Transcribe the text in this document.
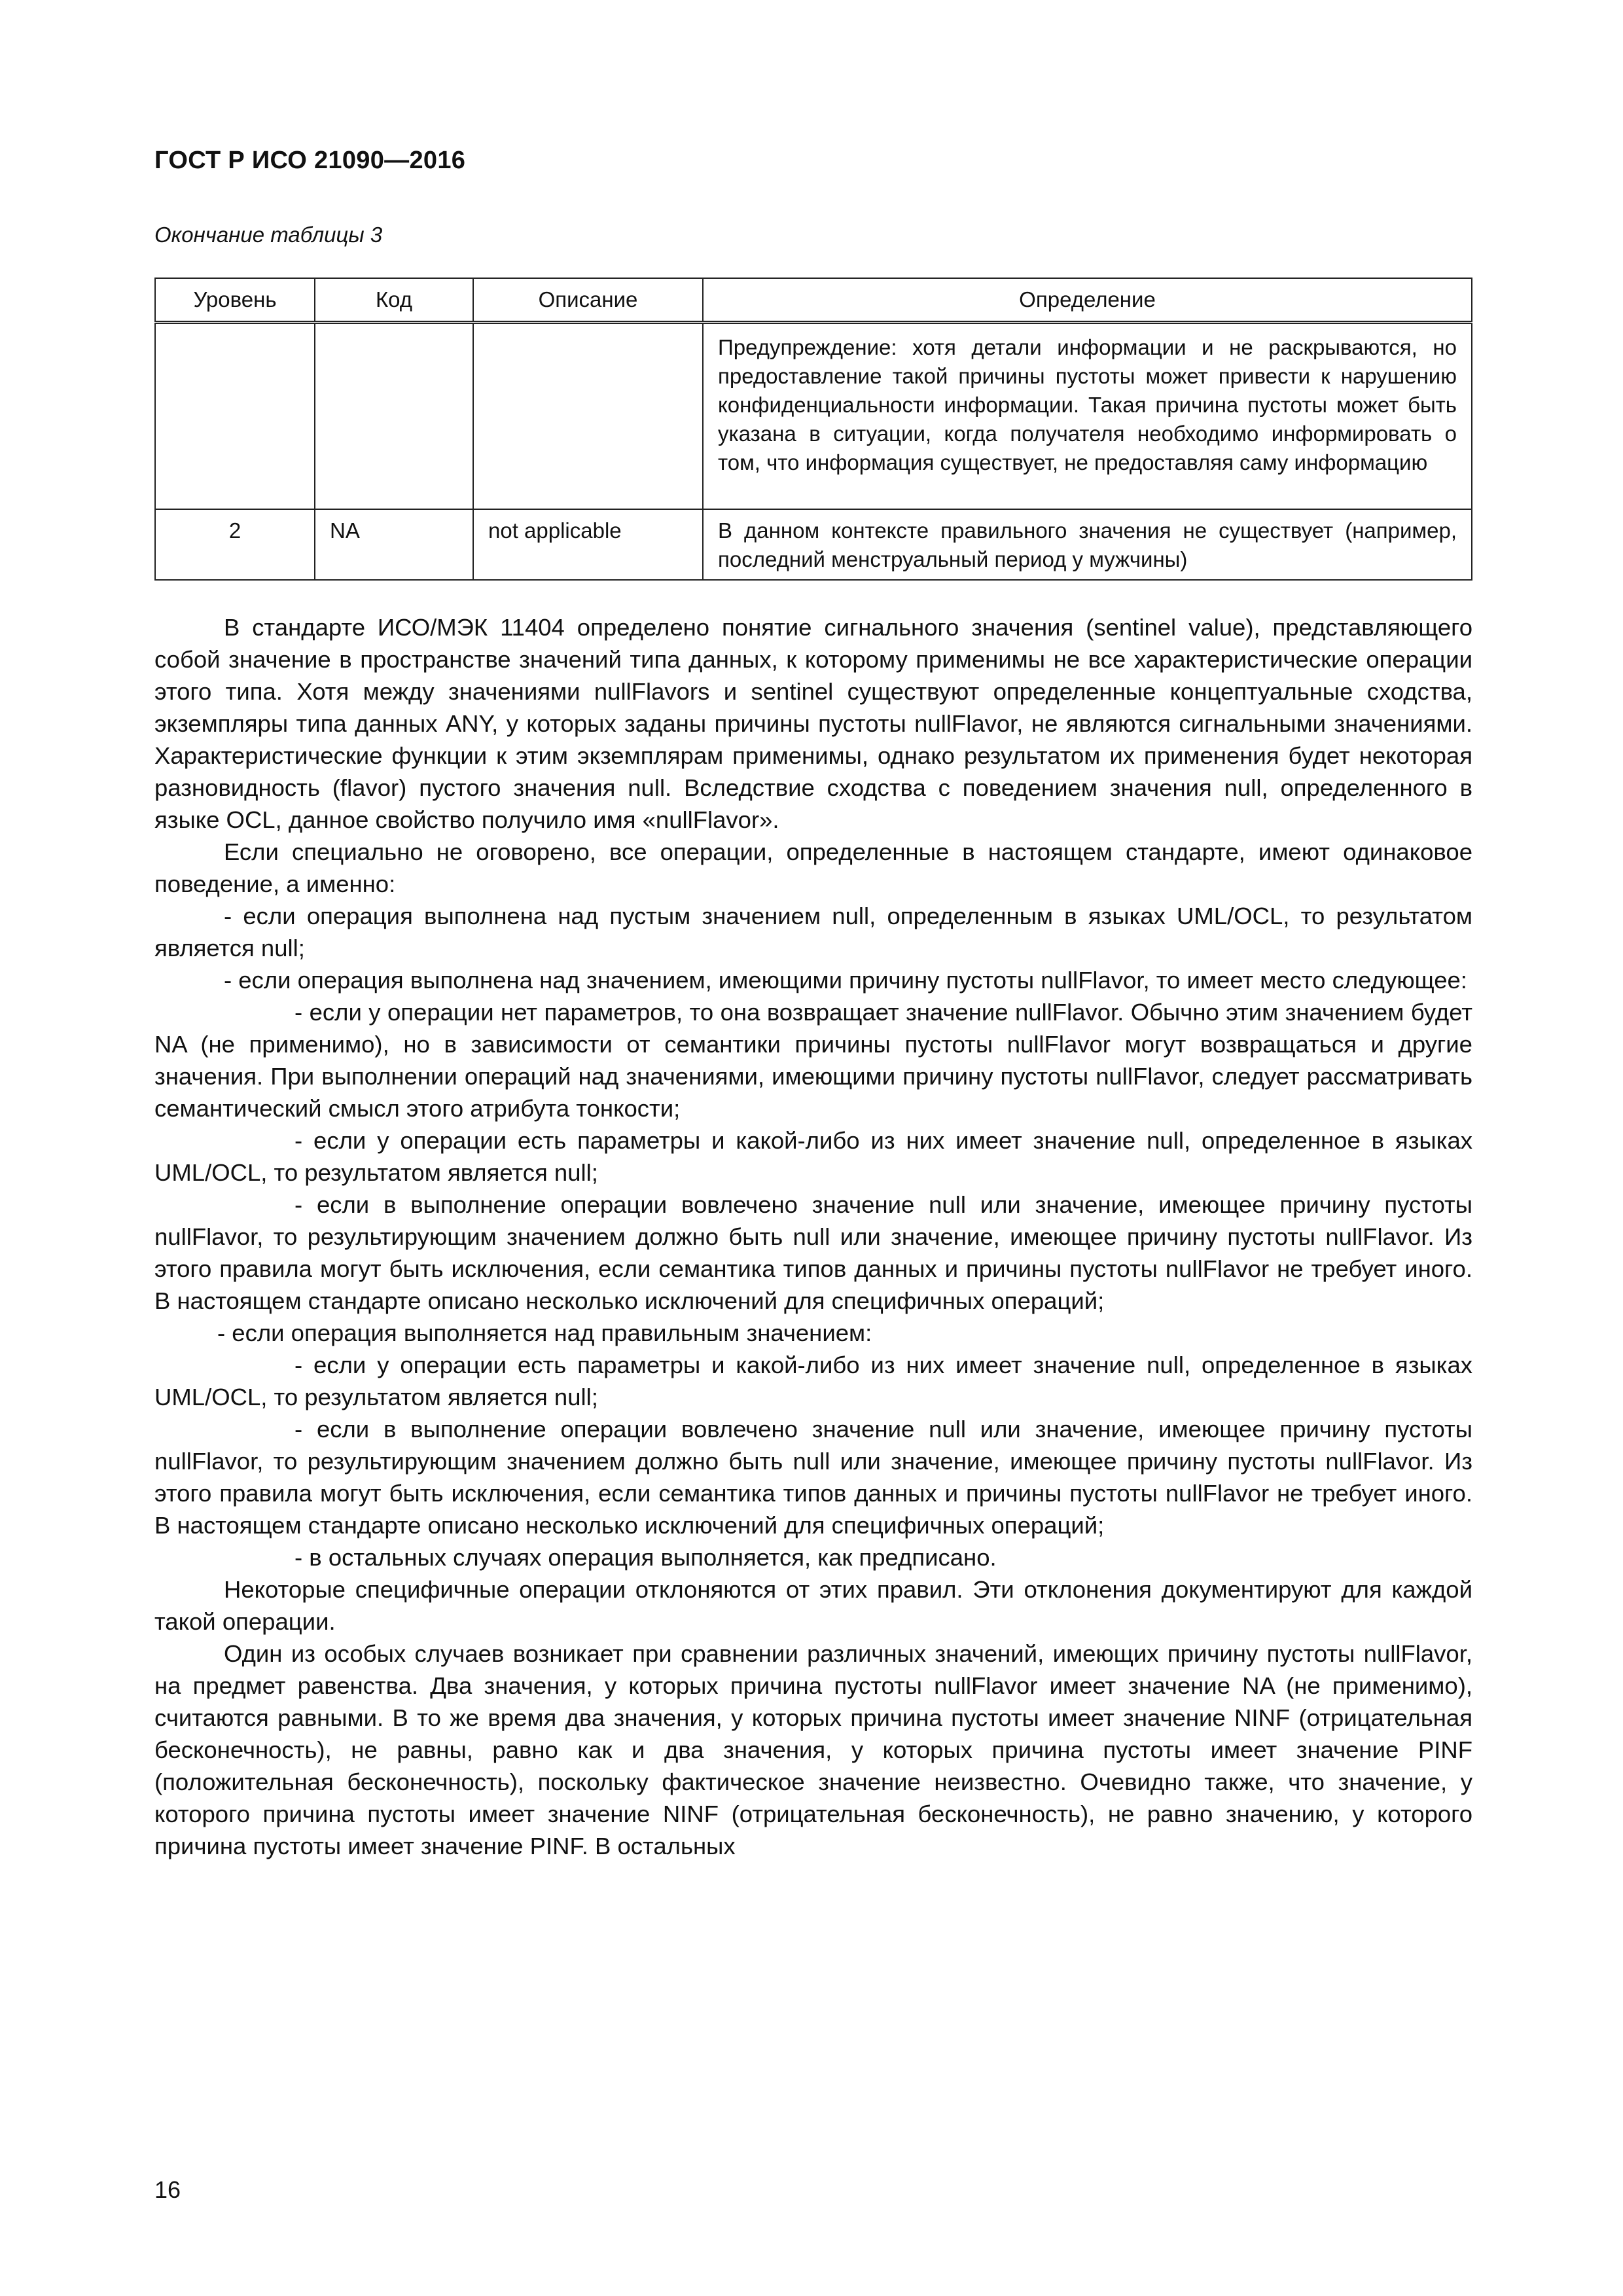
ГОСТ Р ИСО 21090—2016
Окончание таблицы 3
Уровень	Код	Описание	Определение
			Предупреждение: хотя детали информации и не раскрываются, но предоставление такой причины пустоты может привести к нарушению конфиденциальности информации. Такая причина пустоты может быть указана в ситуации, когда получателя необходимо информировать о том, что информация существует, не предоставляя саму информацию
2	NA	not applicable	В данном контексте правильного значения не существует (например, последний менструальный период у мужчины)

В стандарте ИСО/МЭК 11404 определено понятие сигнального значения (sentinel value), представляющего собой значение в пространстве значений типа данных, к которому применимы не все характеристические операции этого типа. Хотя между значениями nullFlavors и sentinel существуют определенные концептуальные сходства, экземпляры типа данных ANY, у которых заданы причины пустоты nullFlavor, не являются сигнальными значениями. Характеристические функции к этим экземплярам применимы, однако результатом их применения будет некоторая разновидность (flavor) пустого значения null. Вследствие сходства с поведением значения null, определенного в языке OCL, данное свойство получило имя «nullFlavor».

Если специально не оговорено, все операции, определенные в настоящем стандарте, имеют одинаковое поведение, а именно:

- если операция выполнена над пустым значением null, определенным в языках UML/OCL, то результатом является null;

- если операция выполнена над значением, имеющими причину пустоты nullFlavor, то имеет место следующее:

- если у операции нет параметров, то она возвращает значение nullFlavor. Обычно этим значением будет NA (не применимо), но в зависимости от семантики причины пустоты nullFlavor могут возвращаться и другие значения. При выполнении операций над значениями, имеющими причину пустоты nullFlavor, следует рассматривать семантический смысл этого атрибута тонкости;

- если у операции есть параметры и какой-либо из них имеет значение null, определенное в языках UML/OCL, то результатом является null;

- если в выполнение операции вовлечено значение null или значение, имеющее причину пустоты nullFlavor, то результирующим значением должно быть null или значение, имеющее причину пустоты nullFlavor. Из этого правила могут быть исключения, если семантика типов данных и причины пустоты nullFlavor не требует иного. В настоящем стандарте описано несколько исключений для специфичных операций;

- если операция выполняется над правильным значением:

- если у операции есть параметры и какой-либо из них имеет значение null, определенное в языках UML/OCL, то результатом является null;

- если в выполнение операции вовлечено значение null или значение, имеющее причину пустоты nullFlavor, то результирующим значением должно быть null или значение, имеющее причину пустоты nullFlavor. Из этого правила могут быть исключения, если семантика типов данных и причины пустоты nullFlavor не требует иного. В настоящем стандарте описано несколько исключений для специфичных операций;

- в остальных случаях операция выполняется, как предписано.

Некоторые специфичные операции отклоняются от этих правил. Эти отклонения документируют для каждой такой операции.

Один из особых случаев возникает при сравнении различных значений, имеющих причину пустоты nullFlavor, на предмет равенства. Два значения, у которых причина пустоты nullFlavor имеет значение NA (не применимо), считаются равными. В то же время два значения, у которых причина пустоты имеет значение NINF (отрицательная бесконечность), не равны, равно как и два значения, у которых причина пустоты имеет значение PINF (положительная бесконечность), поскольку фактическое значение неизвестно. Очевидно также, что значение, у которого причина пустоты имеет значение NINF (отрицательная бесконечность), не равно значению, у которого причина пустоты имеет значение PINF. В остальных

16
